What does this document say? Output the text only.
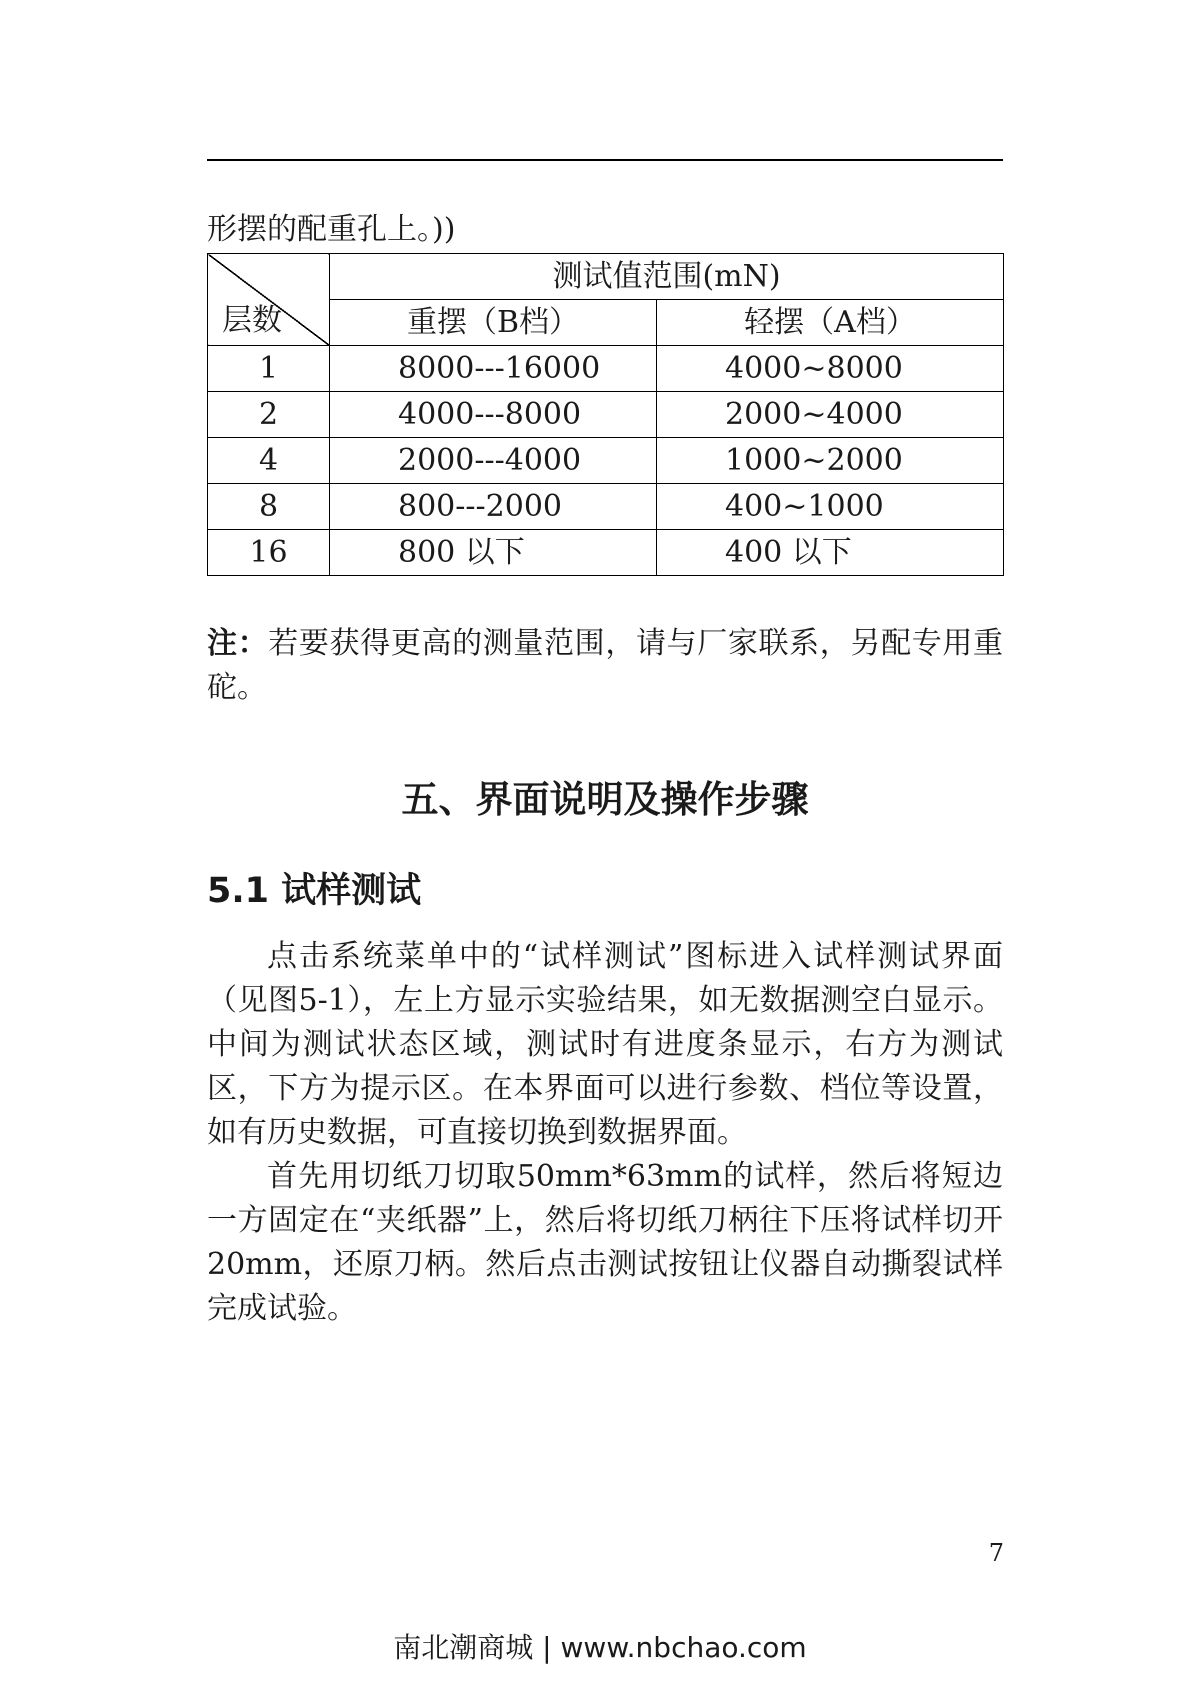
形摆的配重孔上。))
层数	测试值范围(mN)	
	重摆（B档）	轻摆（A档）
1	8000---16000	4000~8000
2	4000---8000	2000~4000
4	2000---4000	1000~2000
8	800---2000	400~1000
16	800 以下	400 以下
注：若要获得更高的测量范围，请与厂家联系，另配专用重砣。
五、界面说明及操作步骤
5.1 试样测试

点击系统菜单中的“试样测试”图标进入试样测试界面（见图5-1），左上方显示实验结果，如无数据测空白显示。中间为测试状态区域，测试时有进度条显示，右方为测试区，下方为提示区。在本界面可以进行参数、档位等设置，如有历史数据，可直接切换到数据界面。

首先用切纸刀切取50mm*63mm的试样，然后将短边一方固定在“夹纸器”上，然后将切纸刀柄往下压将试样切开20mm，还原刀柄。然后点击测试按钮让仪器自动撕裂试样完成试验。

7
南北潮商城 | www.nbchao.com
